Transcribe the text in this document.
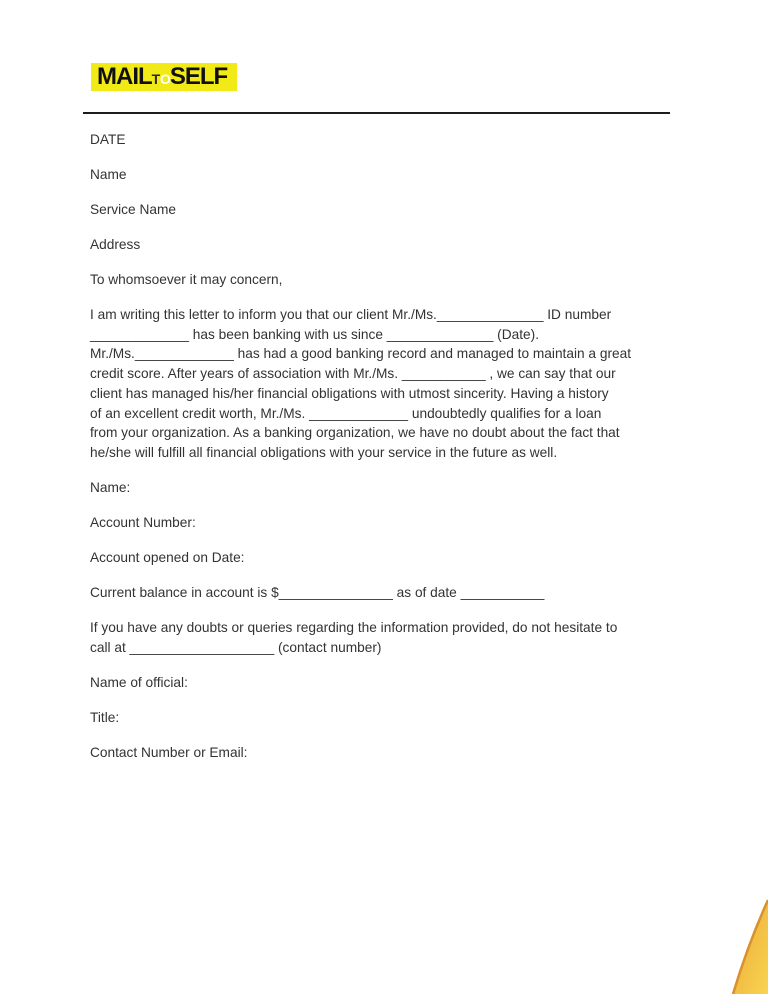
MAIL TO SELF
DATE
Name
Service Name
Address
To whomsoever it may concern,
I am writing this letter to inform you that our client Mr./Ms.______________ ID number
_____________ has been banking with us since ______________ (Date).
Mr./Ms._____________ has had a good banking record and managed to maintain a great
credit score. After years of association with Mr./Ms. ___________ , we can say that our
client has managed his/her financial obligations with utmost sincerity. Having a history
of an excellent credit worth, Mr./Ms. _____________ undoubtedly qualifies for a loan
from your organization. As a banking organization, we have no doubt about the fact that
he/she will fulfill all financial obligations with your service in the future as well.
Name:
Account Number:
Account opened on Date:
Current balance in account is $_______________ as of date ___________
If you have any doubts or queries regarding the information provided, do not hesitate to
call at ___________________ (contact number)
Name of official:
Title:
Contact Number or Email:
